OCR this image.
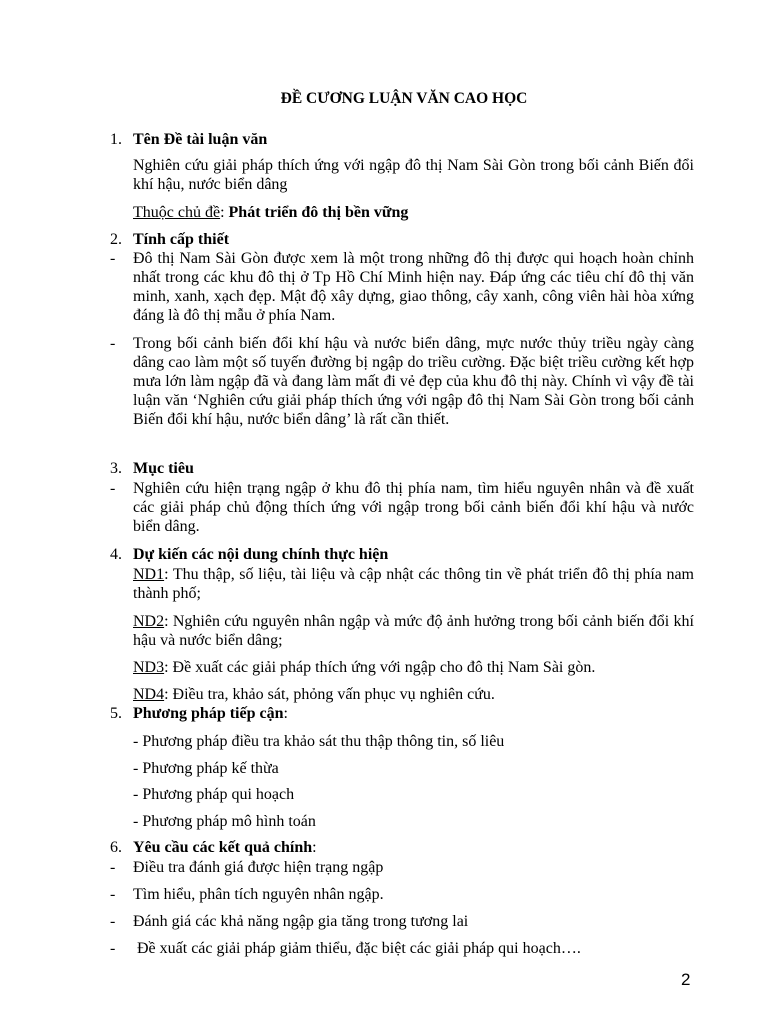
ĐỀ CƯƠNG LUẬN VĂN CAO HỌC
1. Tên Đề tài luận văn
Nghiên cứu giải pháp thích ứng với ngập đô thị Nam Sài Gòn trong bối cảnh Biến đổi khí hậu, nước biển dâng
Thuộc chủ đề: Phát triển đô thị bền vững
2. Tính cấp thiết
-	Đô thị Nam Sài Gòn được xem là một trong những đô thị được qui hoạch hoàn chỉnh nhất trong các khu đô thị ở Tp Hồ Chí Minh hiện nay. Đáp ứng các tiêu chí đô thị văn minh, xanh, xạch đẹp. Mật độ xây dựng, giao thông, cây xanh, công viên hài hòa xứng đáng là đô thị mẫu ở phía Nam.
-	Trong bối cảnh biến đổi khí hậu và nước biển dâng, mực nước thủy triều ngày càng dâng cao làm một số tuyến đường bị ngập do triều cường. Đặc biệt triều cường kết hợp mưa lớn làm ngập đã và đang làm mất đi vẻ đẹp của khu đô thị này. Chính vì vậy đề tài luận văn ‘Nghiên cứu giải pháp thích ứng với ngập đô thị Nam Sài Gòn trong bối cảnh Biến đổi khí hậu, nước biển dâng’ là rất cần thiết.
3. Mục tiêu
-	Nghiên cứu hiện trạng ngập ở khu đô thị phía nam, tìm hiểu nguyên nhân và đề xuất các giải pháp chủ động thích ứng với ngập trong bối cảnh biến đổi khí hậu và nước biển dâng.
4. Dự kiến các nội dung chính thực hiện
ND1: Thu thập, số liệu, tài liệu và cập nhật các thông tin về phát triển đô thị phía nam thành phố;
ND2: Nghiên cứu nguyên nhân ngập và mức độ ảnh hưởng trong bối cảnh biến đổi khí hậu và nước biển dâng;
ND3: Đề xuất các giải pháp thích ứng với ngập cho đô thị Nam Sài gòn.
ND4: Điều tra, khảo sát, phỏng vấn phục vụ nghiên cứu.
5. Phương pháp tiếp cận:
- Phương pháp điều tra khảo sát thu thập thông tin, số liêu
- Phương pháp kế thừa
- Phương pháp qui hoạch
- Phương pháp mô hình toán
6. Yêu cầu các kết quả chính:
-	Điều tra đánh giá được hiện trạng ngập
-	Tìm hiểu, phân tích nguyên nhân ngập.
-	Đánh giá các khả năng ngập gia tăng trong tương lai
-	Đề xuất các giải pháp giảm thiểu, đặc biệt các giải pháp qui hoạch….
2
